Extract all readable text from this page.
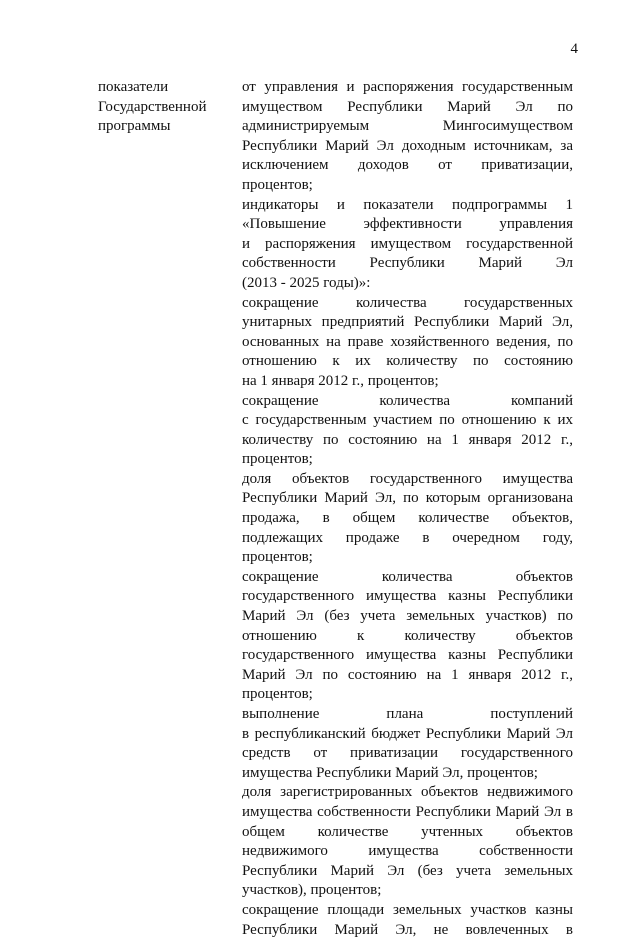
4
показатели
Государственной
программы
от управления и распоряжения государственным
имуществом Республики Марий Эл по
администрируемым Мингосимуществом
Республики Марий Эл доходным источникам, за
исключением доходов от приватизации,
процентов;
индикаторы и показатели подпрограммы 1
«Повышение эффективности управления
и распоряжения имуществом государственной
собственности Республики Марий Эл
(2013 - 2025 годы)»:
сокращение количества государственных
унитарных предприятий Республики Марий Эл,
основанных на праве хозяйственного ведения, по
отношению к их количеству по состоянию
на 1 января 2012 г., процентов;
сокращение количества компаний
с государственным участием по отношению к их
количеству по состоянию на 1 января 2012 г.,
процентов;
доля объектов государственного имущества
Республики Марий Эл, по которым организована
продажа, в общем количестве объектов,
подлежащих продаже в очередном году,
процентов;
сокращение количества объектов
государственного имущества казны Республики
Марий Эл (без учета земельных участков) по
отношению к количеству объектов
государственного имущества казны Республики
Марий Эл по состоянию на 1 января 2012 г.,
процентов;
выполнение плана поступлений
в республиканский бюджет Республики Марий Эл
средств от приватизации государственного
имущества Республики Марий Эл, процентов;
доля зарегистрированных объектов недвижимого
имущества собственности Республики Марий Эл в
общем количестве учтенных объектов
недвижимого имущества собственности
Республики Марий Эл (без учета земельных
участков), процентов;
сокращение площади земельных участков казны
Республики Марий Эл, не вовлеченных в
